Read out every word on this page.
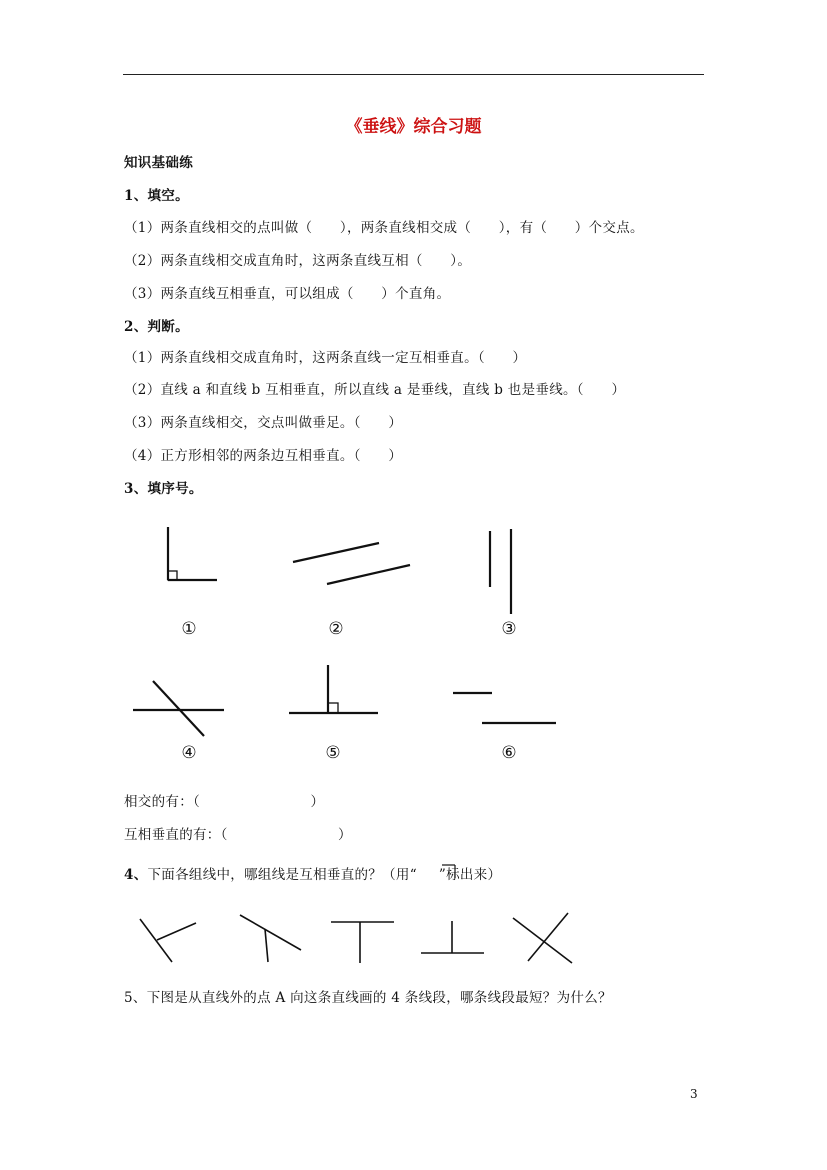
《垂线》综合习题
知识基础练
1、填空。
（1）两条直线相交的点叫做（　　），两条直线相交成（　　），有（　　）个交点。
（2）两条直线相交成直角时，这两条直线互相（　　）。
（3）两条直线互相垂直，可以组成（　　）个直角。
2、判断。
（1）两条直线相交成直角时，这两条直线一定互相垂直。（　　）
（2）直线 a 和直线 b 互相垂直，所以直线 a 是垂线，直线 b 也是垂线。（　　）
（3）两条直线相交，交点叫做垂足。（　　）
（4）正方形相邻的两条边互相垂直。（　　）
3、填序号。
①	②	③
④	⑤	⑥
相交的有：（　　　　　　　　）
互相垂直的有：（　　　　　　　　）
4、下面各组线中，哪组线是互相垂直的？（用“ ”标出来）
5、下图是从直线外的点 A 向这条直线画的 4 条线段，哪条线段最短？为什么？
3
